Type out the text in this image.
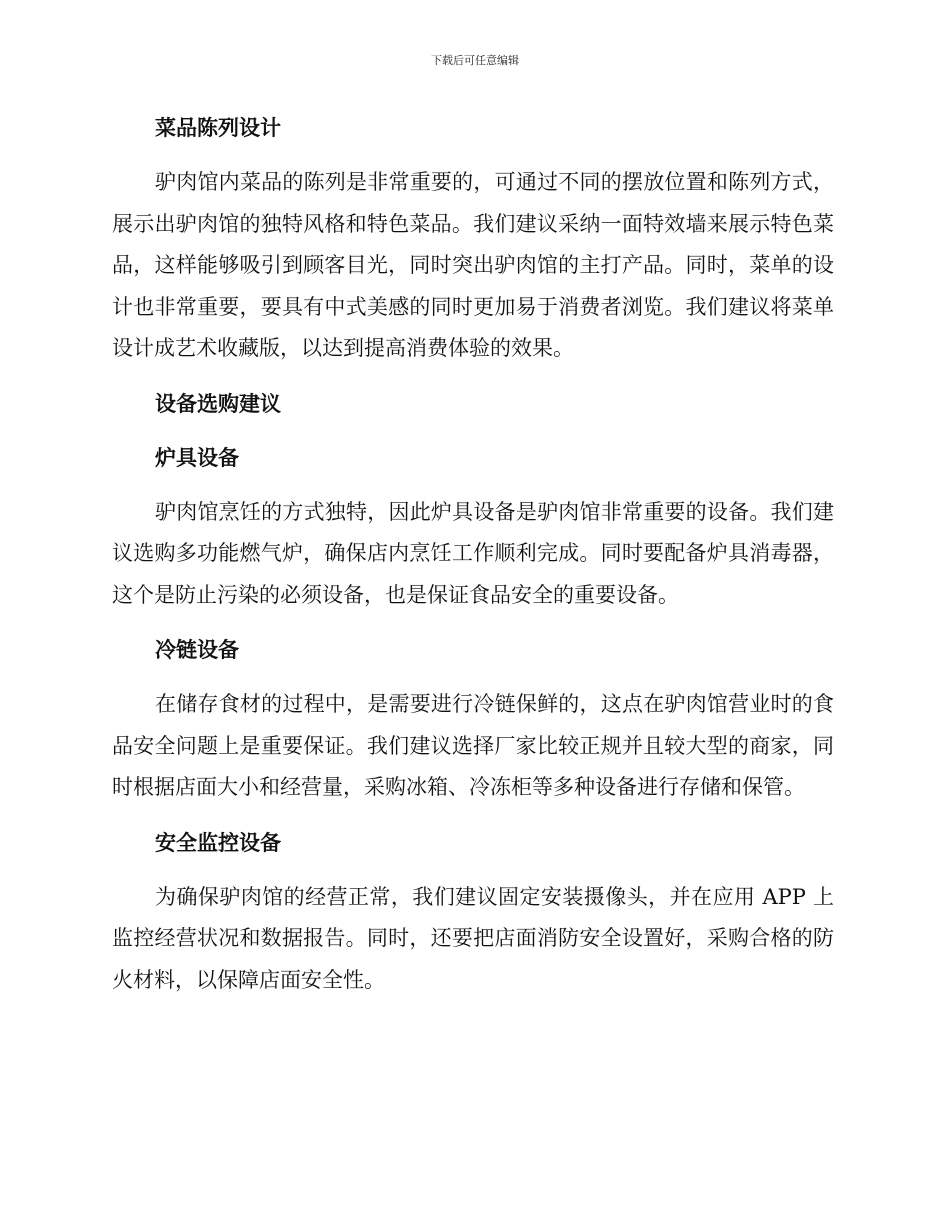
下载后可任意编辑
菜品陈列设计
驴肉馆内菜品的陈列是非常重要的，可通过不同的摆放位置和陈列方式，展示出驴肉馆的独特风格和特色菜品。我们建议采纳一面特效墙来展示特色菜品，这样能够吸引到顾客目光，同时突出驴肉馆的主打产品。同时，菜单的设计也非常重要，要具有中式美感的同时更加易于消费者浏览。我们建议将菜单设计成艺术收藏版，以达到提高消费体验的效果。
设备选购建议
炉具设备
驴肉馆烹饪的方式独特，因此炉具设备是驴肉馆非常重要的设备。我们建议选购多功能燃气炉，确保店内烹饪工作顺利完成。同时要配备炉具消毒器，这个是防止污染的必须设备，也是保证食品安全的重要设备。
冷链设备
在储存食材的过程中，是需要进行冷链保鲜的，这点在驴肉馆营业时的食品安全问题上是重要保证。我们建议选择厂家比较正规并且较大型的商家，同时根据店面大小和经营量，采购冰箱、冷冻柜等多种设备进行存储和保管。
安全监控设备
为确保驴肉馆的经营正常，我们建议固定安装摄像头，并在应用 APP 上监控经营状况和数据报告。同时，还要把店面消防安全设置好，采购合格的防火材料，以保障店面安全性。
